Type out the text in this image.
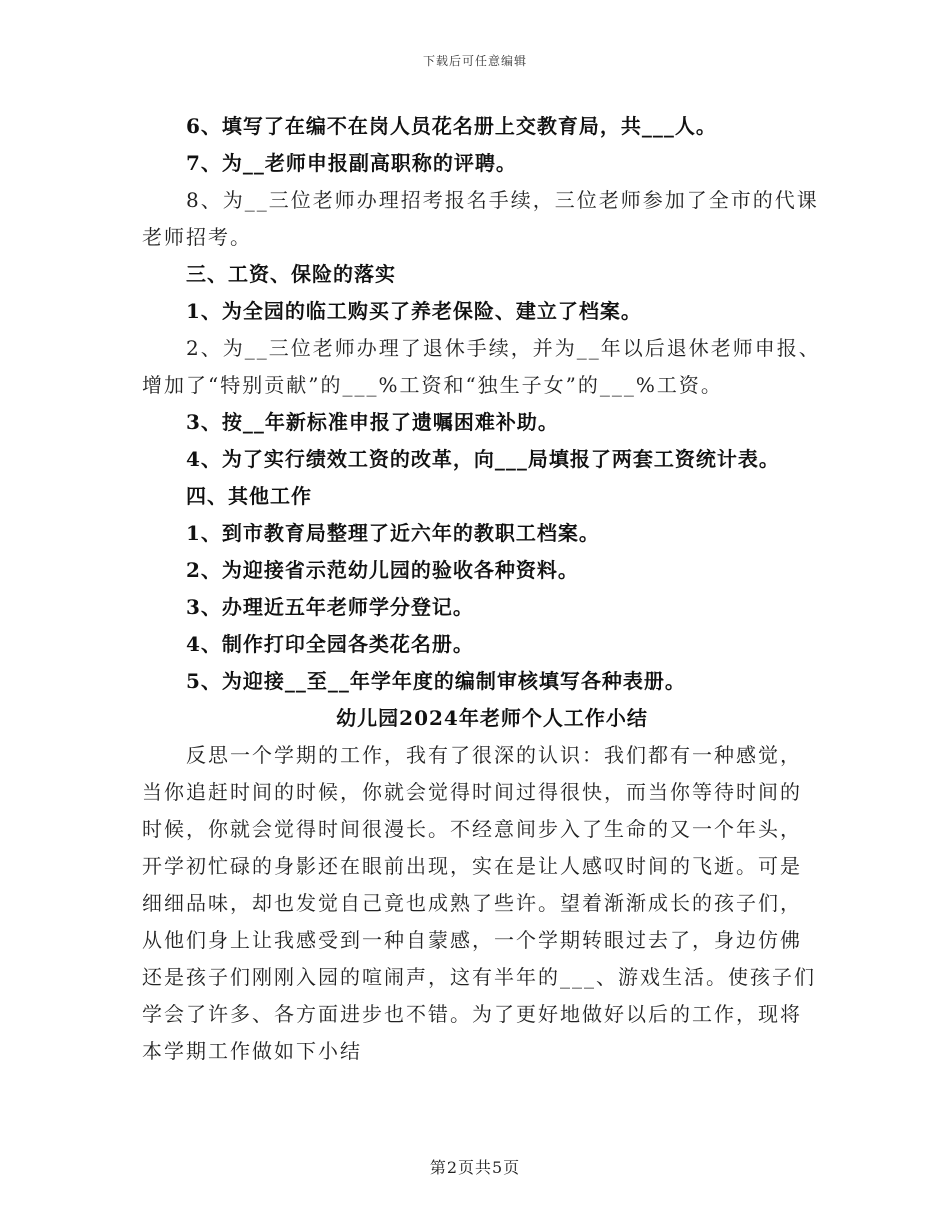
下载后可任意编辑
6、填写了在编不在岗人员花名册上交教育局，共___人。
7、为__老师申报副高职称的评聘。
8、为__三位老师办理招考报名手续，三位老师参加了全市的代课
老师招考。
三、工资、保险的落实
1、为全园的临工购买了养老保险、建立了档案。
2、为__三位老师办理了退休手续，并为__年以后退休老师申报、
增加了“特别贡献”的___%工资和“独生子女”的___%工资。
3、按__年新标准申报了遗嘱困难补助。
4、为了实行绩效工资的改革，向___局填报了两套工资统计表。
四、其他工作
1、到市教育局整理了近六年的教职工档案。
2、为迎接省示范幼儿园的验收各种资料。
3、办理近五年老师学分登记。
4、制作打印全园各类花名册。
5、为迎接__至__年学年度的编制审核填写各种表册。
幼儿园2024年老师个人工作小结
反思一个学期的工作，我有了很深的认识：我们都有一种感觉，
当你追赶时间的时候，你就会觉得时间过得很快，而当你等待时间的
时候，你就会觉得时间很漫长。不经意间步入了生命的又一个年头，
开学初忙碌的身影还在眼前出现，实在是让人感叹时间的飞逝。可是
细细品味，却也发觉自己竟也成熟了些许。望着渐渐成长的孩子们，
从他们身上让我感受到一种自蒙感，一个学期转眼过去了，身边仿佛
还是孩子们刚刚入园的喧闹声，这有半年的___、游戏生活。使孩子们
学会了许多、各方面进步也不错。为了更好地做好以后的工作，现将
本学期工作做如下小结
第2页共5页
